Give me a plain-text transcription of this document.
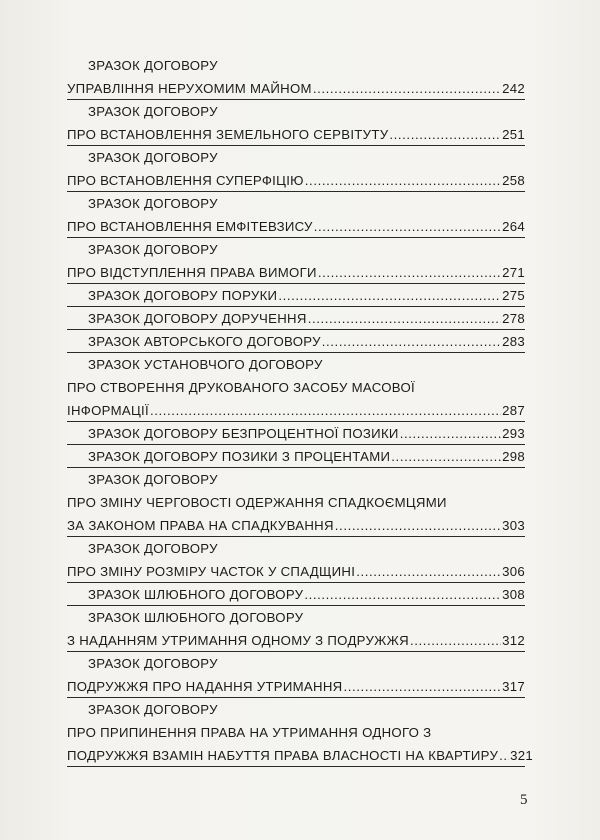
ЗРАЗОК ДОГОВОРУ
УПРАВЛІННЯ НЕРУХОМИМ МАЙНОМ .....	242
ЗРАЗОК ДОГОВОРУ
ПРО ВСТАНОВЛЕННЯ ЗЕМЕЛЬНОГО СЕРВІТУТУ .....	251
ЗРАЗОК ДОГОВОРУ
ПРО ВСТАНОВЛЕННЯ СУПЕРФІЦІЮ .....	258
ЗРАЗОК ДОГОВОРУ
ПРО ВСТАНОВЛЕННЯ ЕМФІТЕВЗИСУ .....	264
ЗРАЗОК ДОГОВОРУ
ПРО ВІДСТУПЛЕННЯ ПРАВА ВИМОГИ .....	271
ЗРАЗОК ДОГОВОРУ ПОРУКИ .....	275
ЗРАЗОК ДОГОВОРУ ДОРУЧЕННЯ .....	278
ЗРАЗОК АВТОРСЬКОГО ДОГОВОРУ .....	283
ЗРАЗОК УСТАНОВЧОГО ДОГОВОРУ
ПРО СТВОРЕННЯ ДРУКОВАНОГО ЗАСОБУ МАСОВОЇ
ІНФОРМАЦІЇ .....	287
ЗРАЗОК ДОГОВОРУ БЕЗПРОЦЕНТНОЇ ПОЗИКИ .....	293
ЗРАЗОК ДОГОВОРУ ПОЗИКИ З ПРОЦЕНТАМИ .....	298
ЗРАЗОК ДОГОВОРУ
ПРО ЗМІНУ ЧЕРГОВОСТІ ОДЕРЖАННЯ СПАДКОЄМЦЯМИ
ЗА ЗАКОНОМ ПРАВА НА СПАДКУВАННЯ .....	303
ЗРАЗОК ДОГОВОРУ
ПРО ЗМІНУ РОЗМІРУ ЧАСТОК У СПАДЩИНІ .....	306
ЗРАЗОК ШЛЮБНОГО ДОГОВОРУ .....	308
ЗРАЗОК ШЛЮБНОГО ДОГОВОРУ
З НАДАННЯМ УТРИМАННЯ ОДНОМУ З ПОДРУЖЖЯ .....	312
ЗРАЗОК ДОГОВОРУ
ПОДРУЖЖЯ ПРО НАДАННЯ УТРИМАННЯ .....	317
ЗРАЗОК ДОГОВОРУ
ПРО ПРИПИНЕННЯ ПРАВА НА УТРИМАННЯ ОДНОГО З
ПОДРУЖЖЯ ВЗАМІН НАБУТТЯ ПРАВА ВЛАСНОСТІ НА КВАРТИРУ ..... 321
5
